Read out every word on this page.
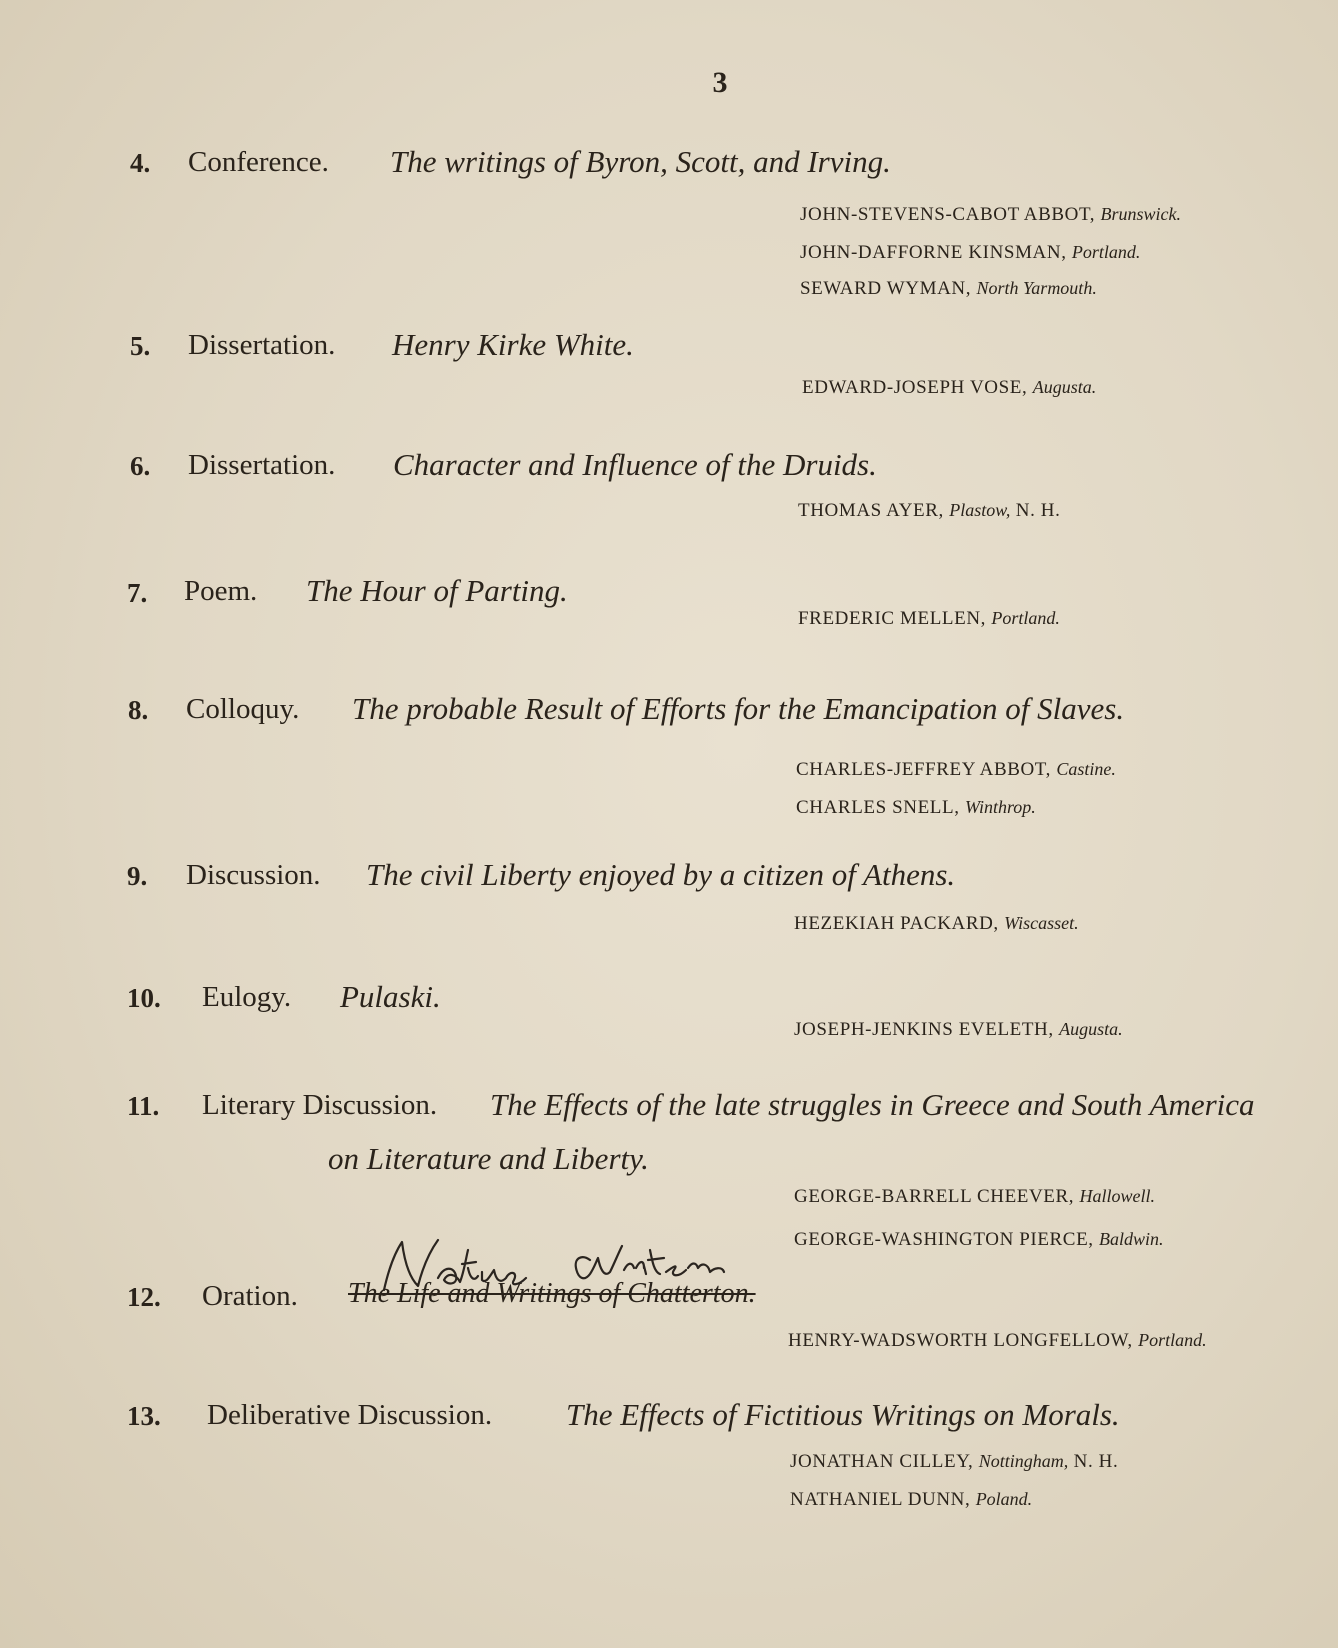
3
4. Conference. The writings of Byron, Scott, and Irving.
JOHN-STEVENS-CABOT ABBOT, Brunswick.
JOHN-DAFFORNE KINSMAN, Portland.
SEWARD WYMAN, North Yarmouth.
5. Dissertation. Henry Kirke White.
EDWARD-JOSEPH VOSE, Augusta.
6. Dissertation. Character and Influence of the Druids.
THOMAS AYER, Plastow, N. H.
7. Poem. The Hour of Parting.
FREDERIC MELLEN, Portland.
8. Colloquy. The probable Result of Efforts for the Emancipation of Slaves.
CHARLES-JEFFREY ABBOT, Castine.
CHARLES SNELL, Winthrop.
9. Discussion. The civil Liberty enjoyed by a citizen of Athens.
HEZEKIAH PACKARD, Wiscasset.
10. Eulogy. Pulaski.
JOSEPH-JENKINS EVELETH, Augusta.
11. Literary Discussion. The Effects of the late struggles in Greece and South America
on Literature and Liberty.
GEORGE-BARRELL CHEEVER, Hallowell.
GEORGE-WASHINGTON PIERCE, Baldwin.
12. Oration. The Life and Writings of Chatterton.
HENRY-WADSWORTH LONGFELLOW, Portland.
13. Deliberative Discussion. The Effects of Fictitious Writings on Morals.
JONATHAN CILLEY, Nottingham, N. H.
NATHANIEL DUNN, Poland.
